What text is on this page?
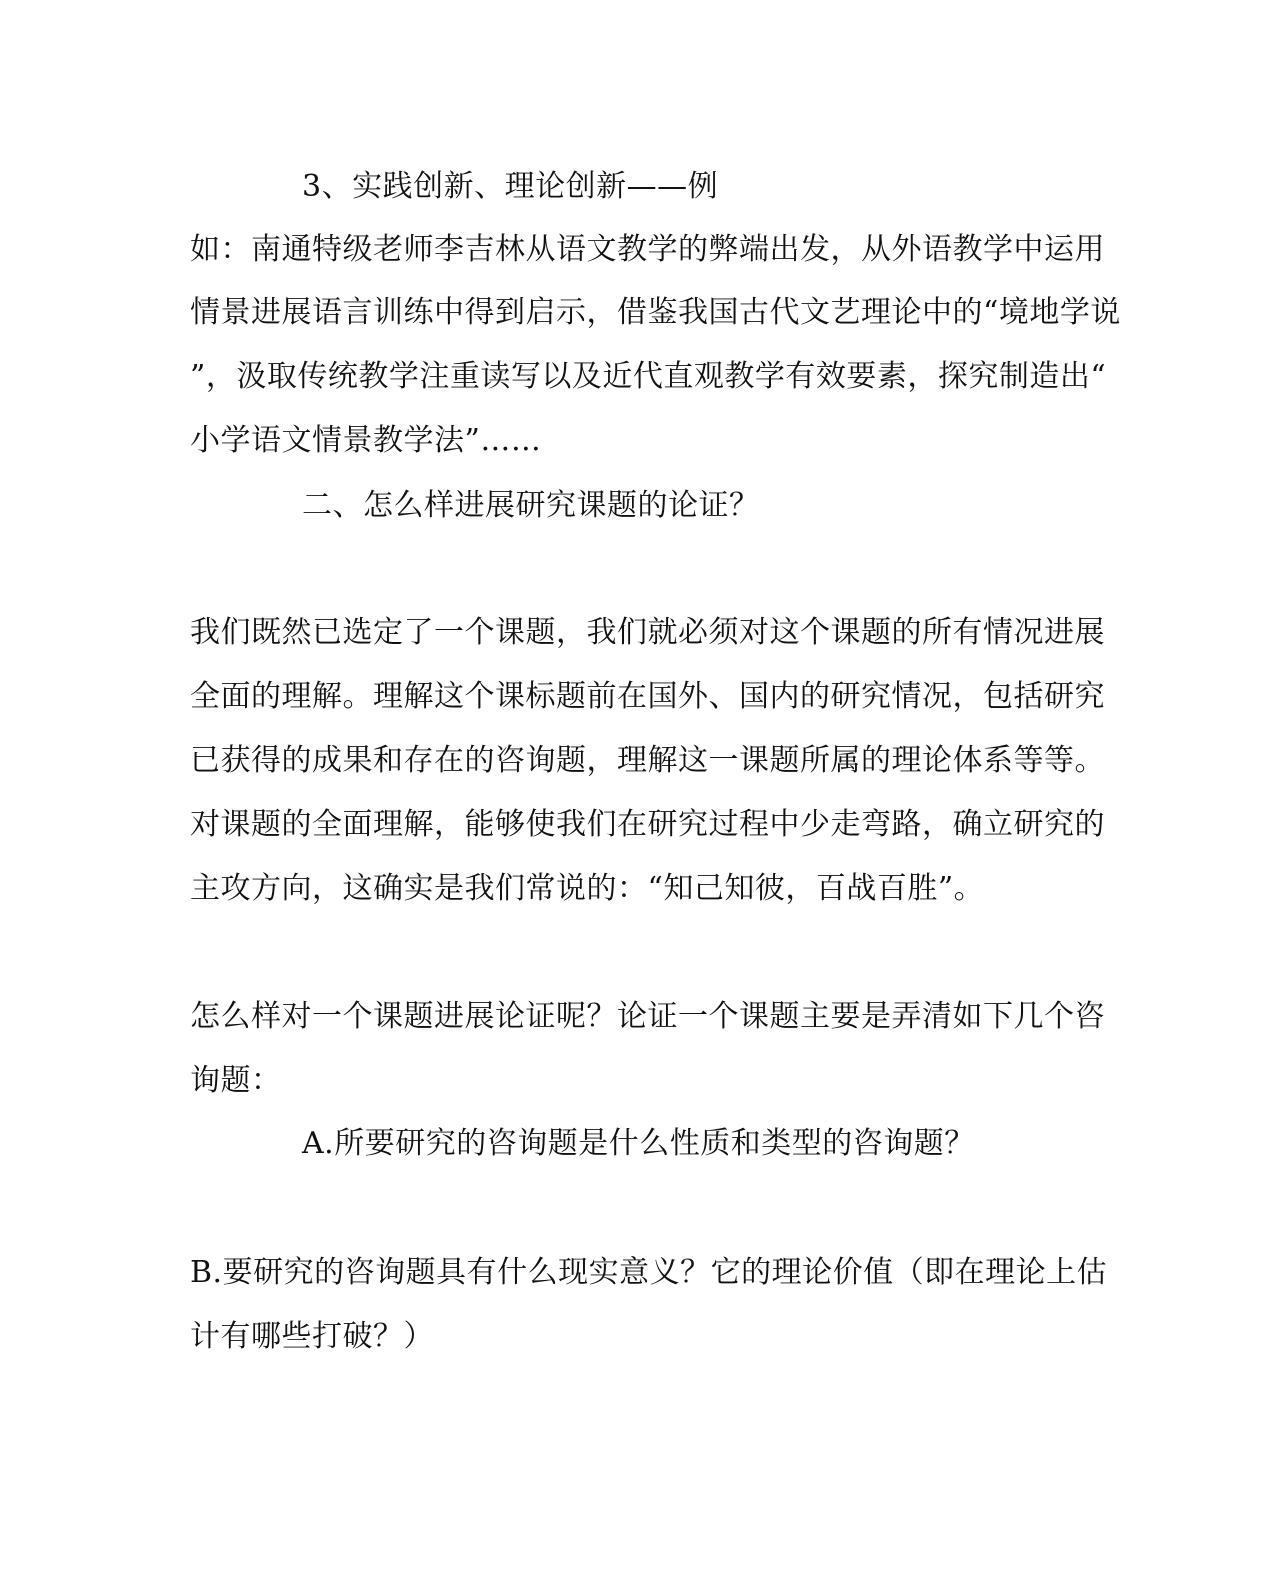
3、实践创新、理论创新——例
如：南通特级老师李吉林从语文教学的弊端出发，从外语教学中运用
情景进展语言训练中得到启示，借鉴我国古代文艺理论中的“境地学说
”，汲取传统教学注重读写以及近代直观教学有效要素，探究制造出“
小学语文情景教学法”……
二、怎么样进展研究课题的论证？
我们既然已选定了一个课题，我们就必须对这个课题的所有情况进展
全面的理解。理解这个课标题前在国外、国内的研究情况，包括研究
已获得的成果和存在的咨询题，理解这一课题所属的理论体系等等。
对课题的全面理解，能够使我们在研究过程中少走弯路，确立研究的
主攻方向，这确实是我们常说的：“知己知彼，百战百胜”。
怎么样对一个课题进展论证呢？论证一个课题主要是弄清如下几个咨
询题：
A.所要研究的咨询题是什么性质和类型的咨询题？
B.要研究的咨询题具有什么现实意义？它的理论价值（即在理论上估
计有哪些打破？）
